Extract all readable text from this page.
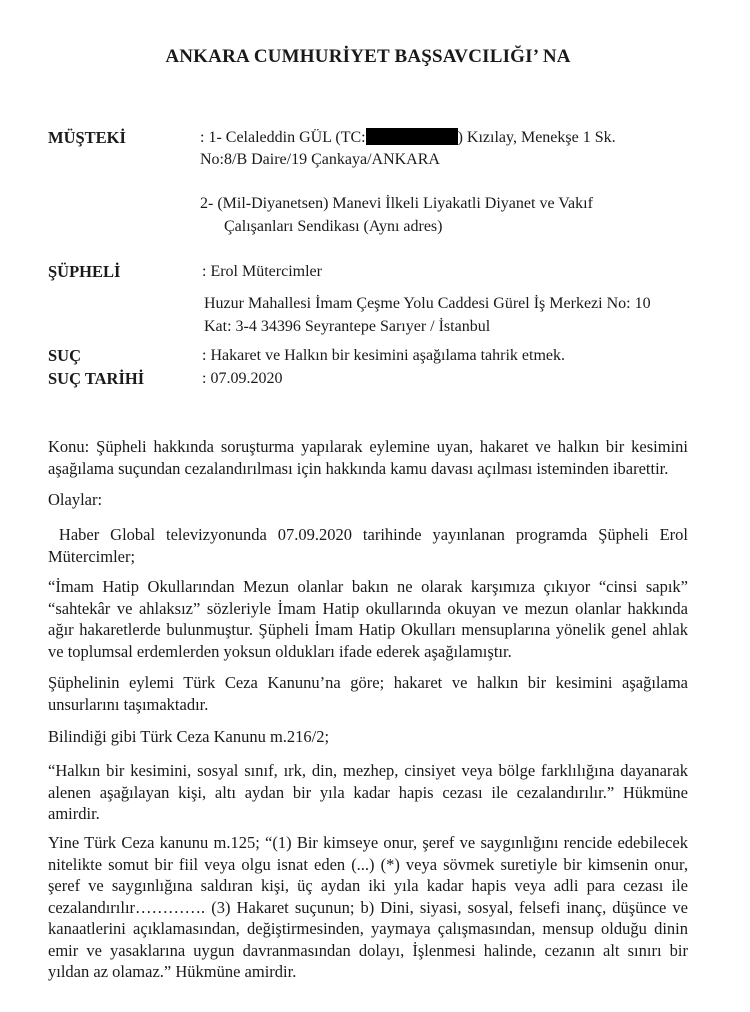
ANKARA CUMHURİYET BAŞSAVCILIĞI’ NA
MÜŞTEKİ	: 1- Celaleddin GÜL (TC:	) Kızılay, Menekşe 1 Sk.
No:8/B Daire/19 Çankaya/ANKARA
2- (Mil-Diyanetsen) Manevi İlkeli Liyakatli Diyanet ve Vakıf
Çalışanları Sendikası (Aynı adres)
ŞÜPHELİ	: Erol Mütercimler
Huzur Mahallesi İmam Çeşme Yolu Caddesi Gürel İş Merkezi No: 10
Kat: 3-4 34396 Seyrantepe Sarıyer / İstanbul
SUÇ	: Hakaret ve Halkın bir kesimini aşağılama tahrik etmek.
SUÇ TARİHİ	: 07.09.2020
Konu: Şüpheli hakkında soruşturma yapılarak eylemine uyan, hakaret ve halkın bir kesimini
aşağılama suçundan cezalandırılması için hakkında kamu davası açılması isteminden ibarettir.
Olaylar:
Haber Global televizyonunda 07.09.2020 tarihinde yayınlanan programda Şüpheli Erol
Mütercimler;
“İmam Hatip Okullarından Mezun olanlar bakın ne olarak karşımıza çıkıyor “cinsi sapık”
“sahtekâr ve ahlaksız” sözleriyle İmam Hatip okullarında okuyan ve mezun olanlar hakkında
ağır hakaretlerde bulunmuştur. Şüpheli İmam Hatip Okulları mensuplarına yönelik genel ahlak
ve toplumsal erdemlerden yoksun oldukları ifade ederek aşağılamıştır.
Şüphelinin eylemi Türk Ceza Kanunu’na göre; hakaret ve halkın bir kesimini aşağılama
unsurlarını taşımaktadır.
Bilindiği gibi Türk Ceza Kanunu m.216/2;
“Halkın bir kesimini, sosyal sınıf, ırk, din, mezhep, cinsiyet veya bölge farklılığına dayanarak
alenen aşağılayan kişi, altı aydan bir yıla kadar hapis cezası ile cezalandırılır.” Hükmüne
amirdir.
Yine Türk Ceza kanunu m.125; “(1) Bir kimseye onur, şeref ve saygınlığını rencide edebilecek
nitelikte somut bir fiil veya olgu isnat eden (...) (*) veya sövmek suretiyle bir kimsenin onur,
şeref ve saygınlığına saldıran kişi, üç aydan iki yıla kadar hapis veya adli para cezası ile
cezalandırılır…………. (3) Hakaret suçunun; b) Dini, siyasi, sosyal, felsefi inanç, düşünce ve
kanaatlerini açıklamasından, değiştirmesinden, yaymaya çalışmasından, mensup olduğu dinin
emir ve yasaklarına uygun davranmasından dolayı, İşlenmesi halinde, cezanın alt sınırı bir
yıldan az olamaz.” Hükmüne amirdir.
